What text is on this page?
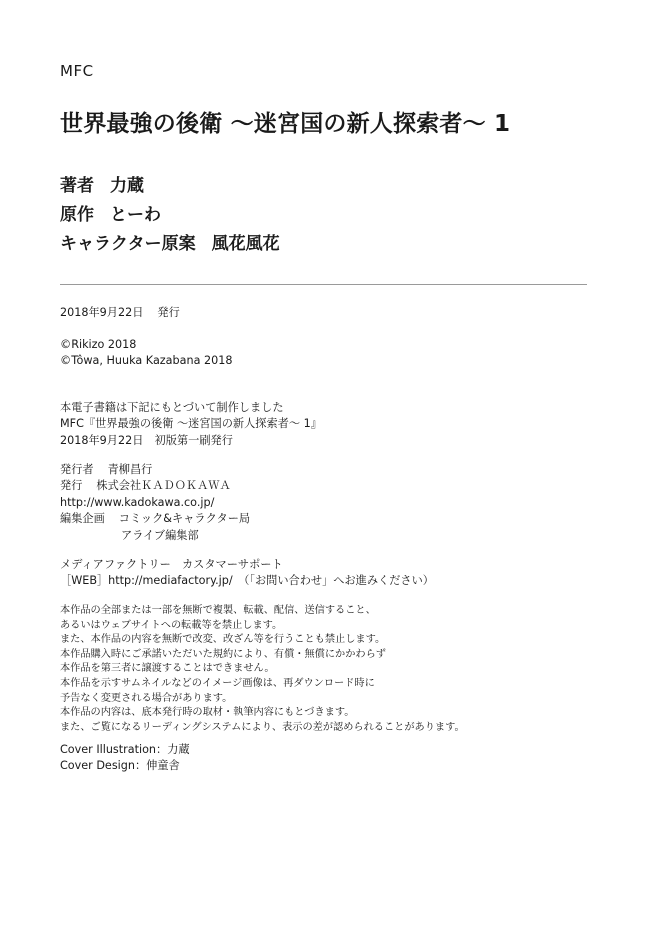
MFC
世界最強の後衛 ～迷宮国の新人探索者～ 1
著者 力蔵
原作 とーわ
キャラクター原案 風花風花
2018年9月22日 発行
©Rikizo 2018
©Tôwa, Huuka Kazabana 2018
本電子書籍は下記にもとづいて制作しました
MFC『世界最強の後衛 ～迷宮国の新人探索者～ 1』
2018年9月22日　初版第一刷発行
発行者 青柳昌行
発行 株式会社ＫＡＤＯＫＡＷＡ
http://www.kadokawa.co.jp/
編集企画 コミック&キャラクター局
アライブ編集部
メディアファクトリー　カスタマーサポート
［WEB］http://mediafactory.jp/　（「お問い合わせ」へお進みください）
本作品の全部または一部を無断で複製、転載、配信、送信すること、
あるいはウェブサイトへの転載等を禁止します。
また、本作品の内容を無断で改変、改ざん等を行うことも禁止します。
本作品購入時にご承諾いただいた規約により、有償・無償にかかわらず
本作品を第三者に譲渡することはできません。
本作品を示すサムネイルなどのイメージ画像は、再ダウンロード時に
予告なく変更される場合があります。
本作品の内容は、底本発行時の取材・執筆内容にもとづきます。
また、ご覧になるリーディングシステムにより、表示の差が認められることがあります。
Cover Illustration：力蔵
Cover Design：伸童舎
